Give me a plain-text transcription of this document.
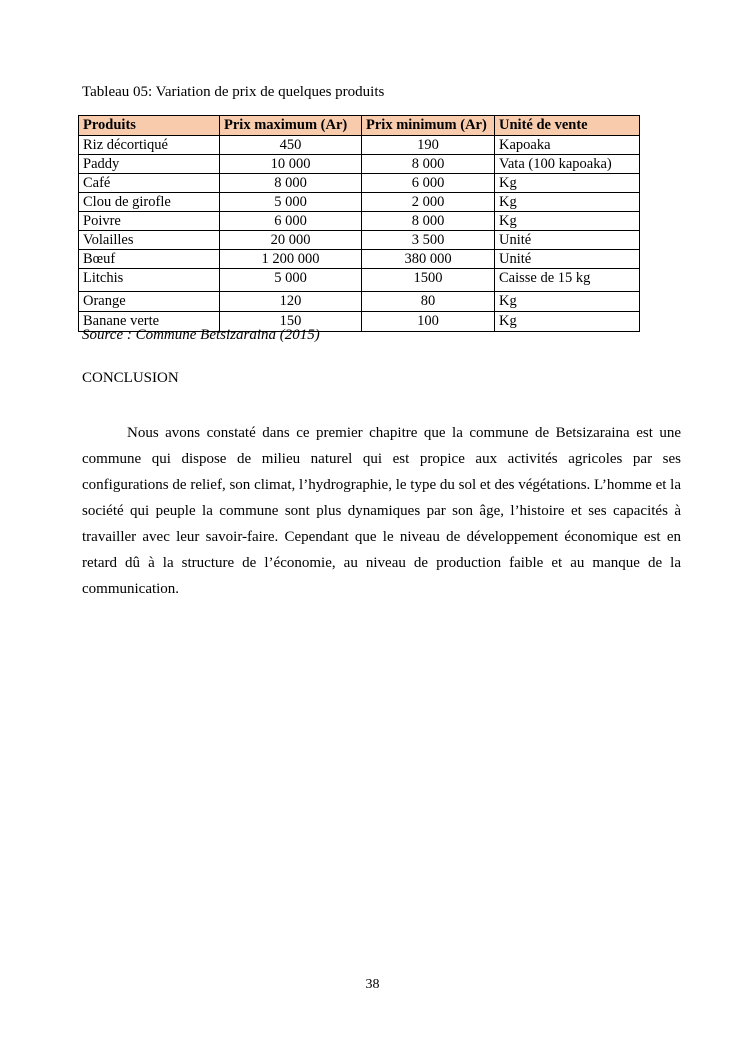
Tableau 05: Variation de prix de quelques produits
Produits	Prix maximum (Ar)	Prix minimum (Ar)	Unité de vente
Riz décortiqué	450	190	Kapoaka
Paddy	10 000	8 000	Vata (100 kapoaka)
Café	8 000	6 000	Kg
Clou de girofle	5 000	2 000	Kg
Poivre	6 000	8 000	Kg
Volailles	20 000	3 500	Unité
Bœuf	1 200 000	380 000	Unité
Litchis	5 000	1500	Caisse de 15 kg
Orange	120	80	Kg
Banane verte	150	100	Kg
Source : Commune Betsizaraina (2015)
CONCLUSION

Nous avons constaté dans ce premier chapitre que la commune de Betsizaraina est une commune qui dispose de milieu naturel qui est propice aux activités agricoles par ses configurations de relief, son climat, l’hydrographie, le type du sol et des végétations. L’homme et la société qui peuple la commune sont plus dynamiques par son âge, l’histoire et ses capacités à travailler avec leur savoir-faire. Cependant que le niveau de développement économique est en retard dû à la structure de l’économie, au niveau de production faible et au manque de la communication.

38
